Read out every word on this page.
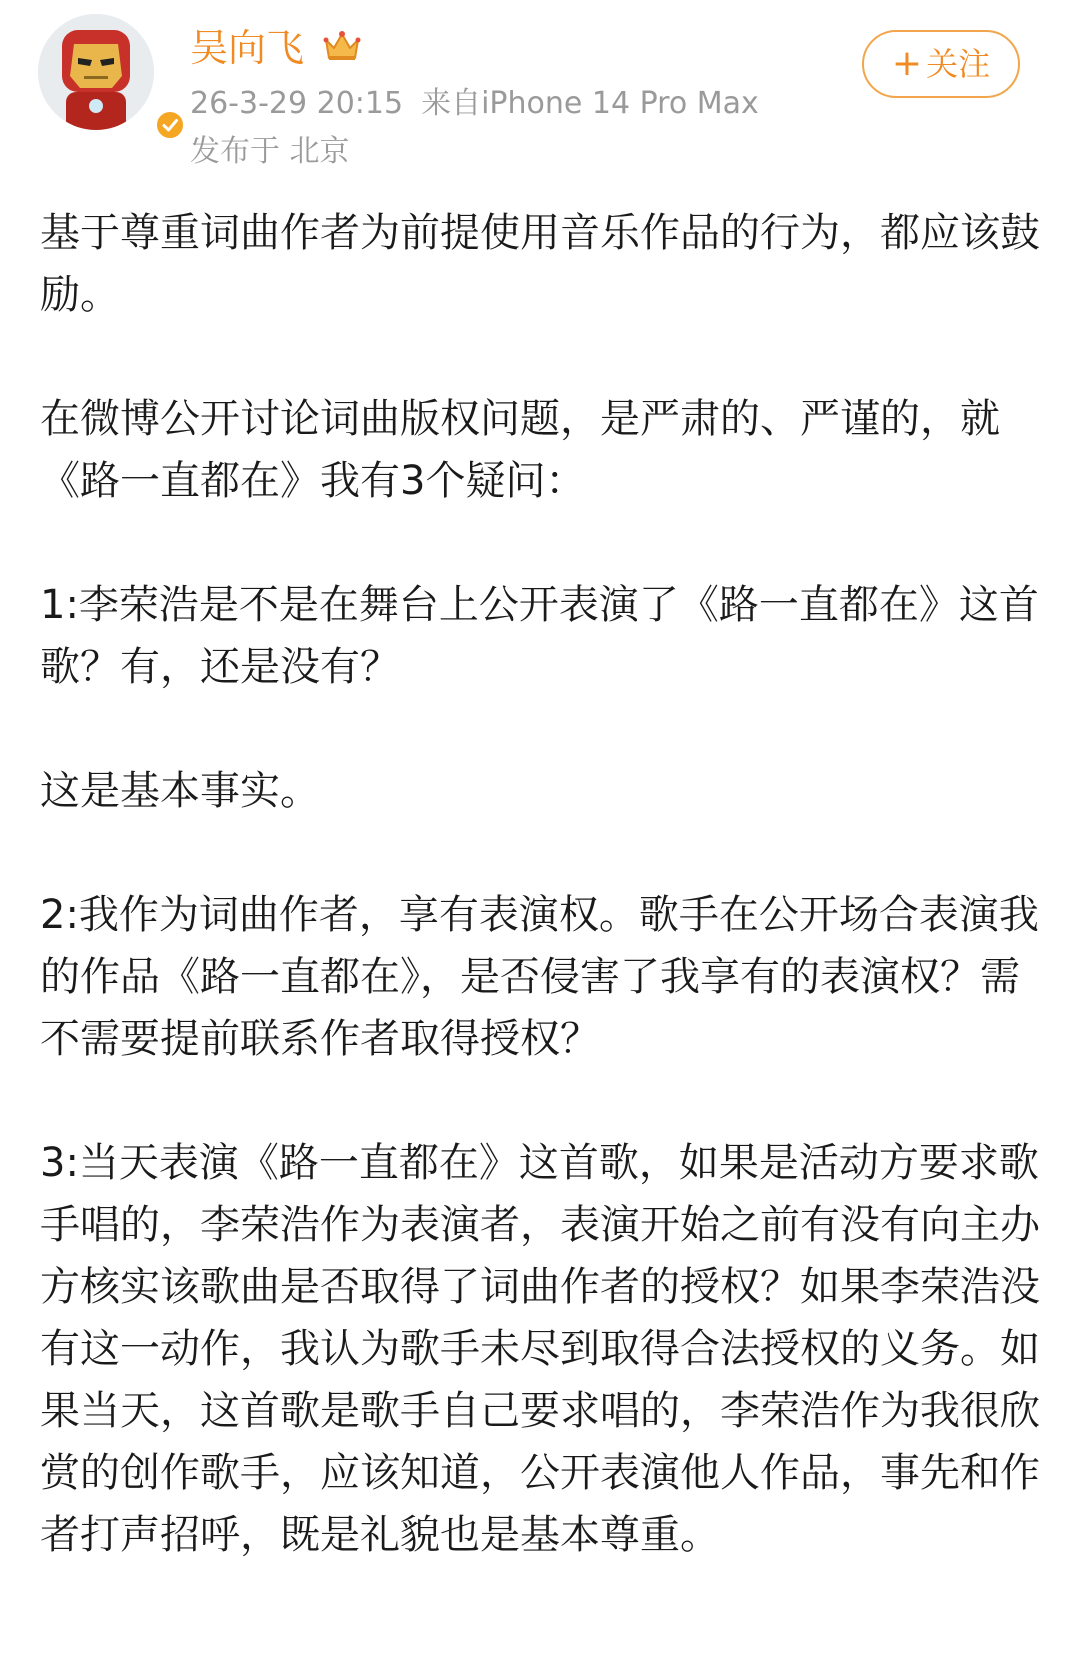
吴向飞
26-3-29 20:15 来自iPhone 14 Pro Max
发布于 北京
+ 关注

基于尊重词曲作者为前提使用音乐作品的行为，都应该鼓励。

在微博公开讨论词曲版权问题，是严肃的、严谨的，就《路一直都在》我有3个疑问：

1:李荣浩是不是在舞台上公开表演了《路一直都在》这首歌？有，还是没有？

这是基本事实。

2:我作为词曲作者，享有表演权。歌手在公开场合表演我的作品《路一直都在》，是否侵害了我享有的表演权？需不需要提前联系作者取得授权？

3:当天表演《路一直都在》这首歌，如果是活动方要求歌手唱的，李荣浩作为表演者，表演开始之前有没有向主办方核实该歌曲是否取得了词曲作者的授权？如果李荣浩没有这一动作，我认为歌手未尽到取得合法授权的义务。如果当天，这首歌是歌手自己要求唱的，李荣浩作为我很欣赏的创作歌手，应该知道，公开表演他人作品，事先和作者打声招呼，既是礼貌也是基本尊重。
